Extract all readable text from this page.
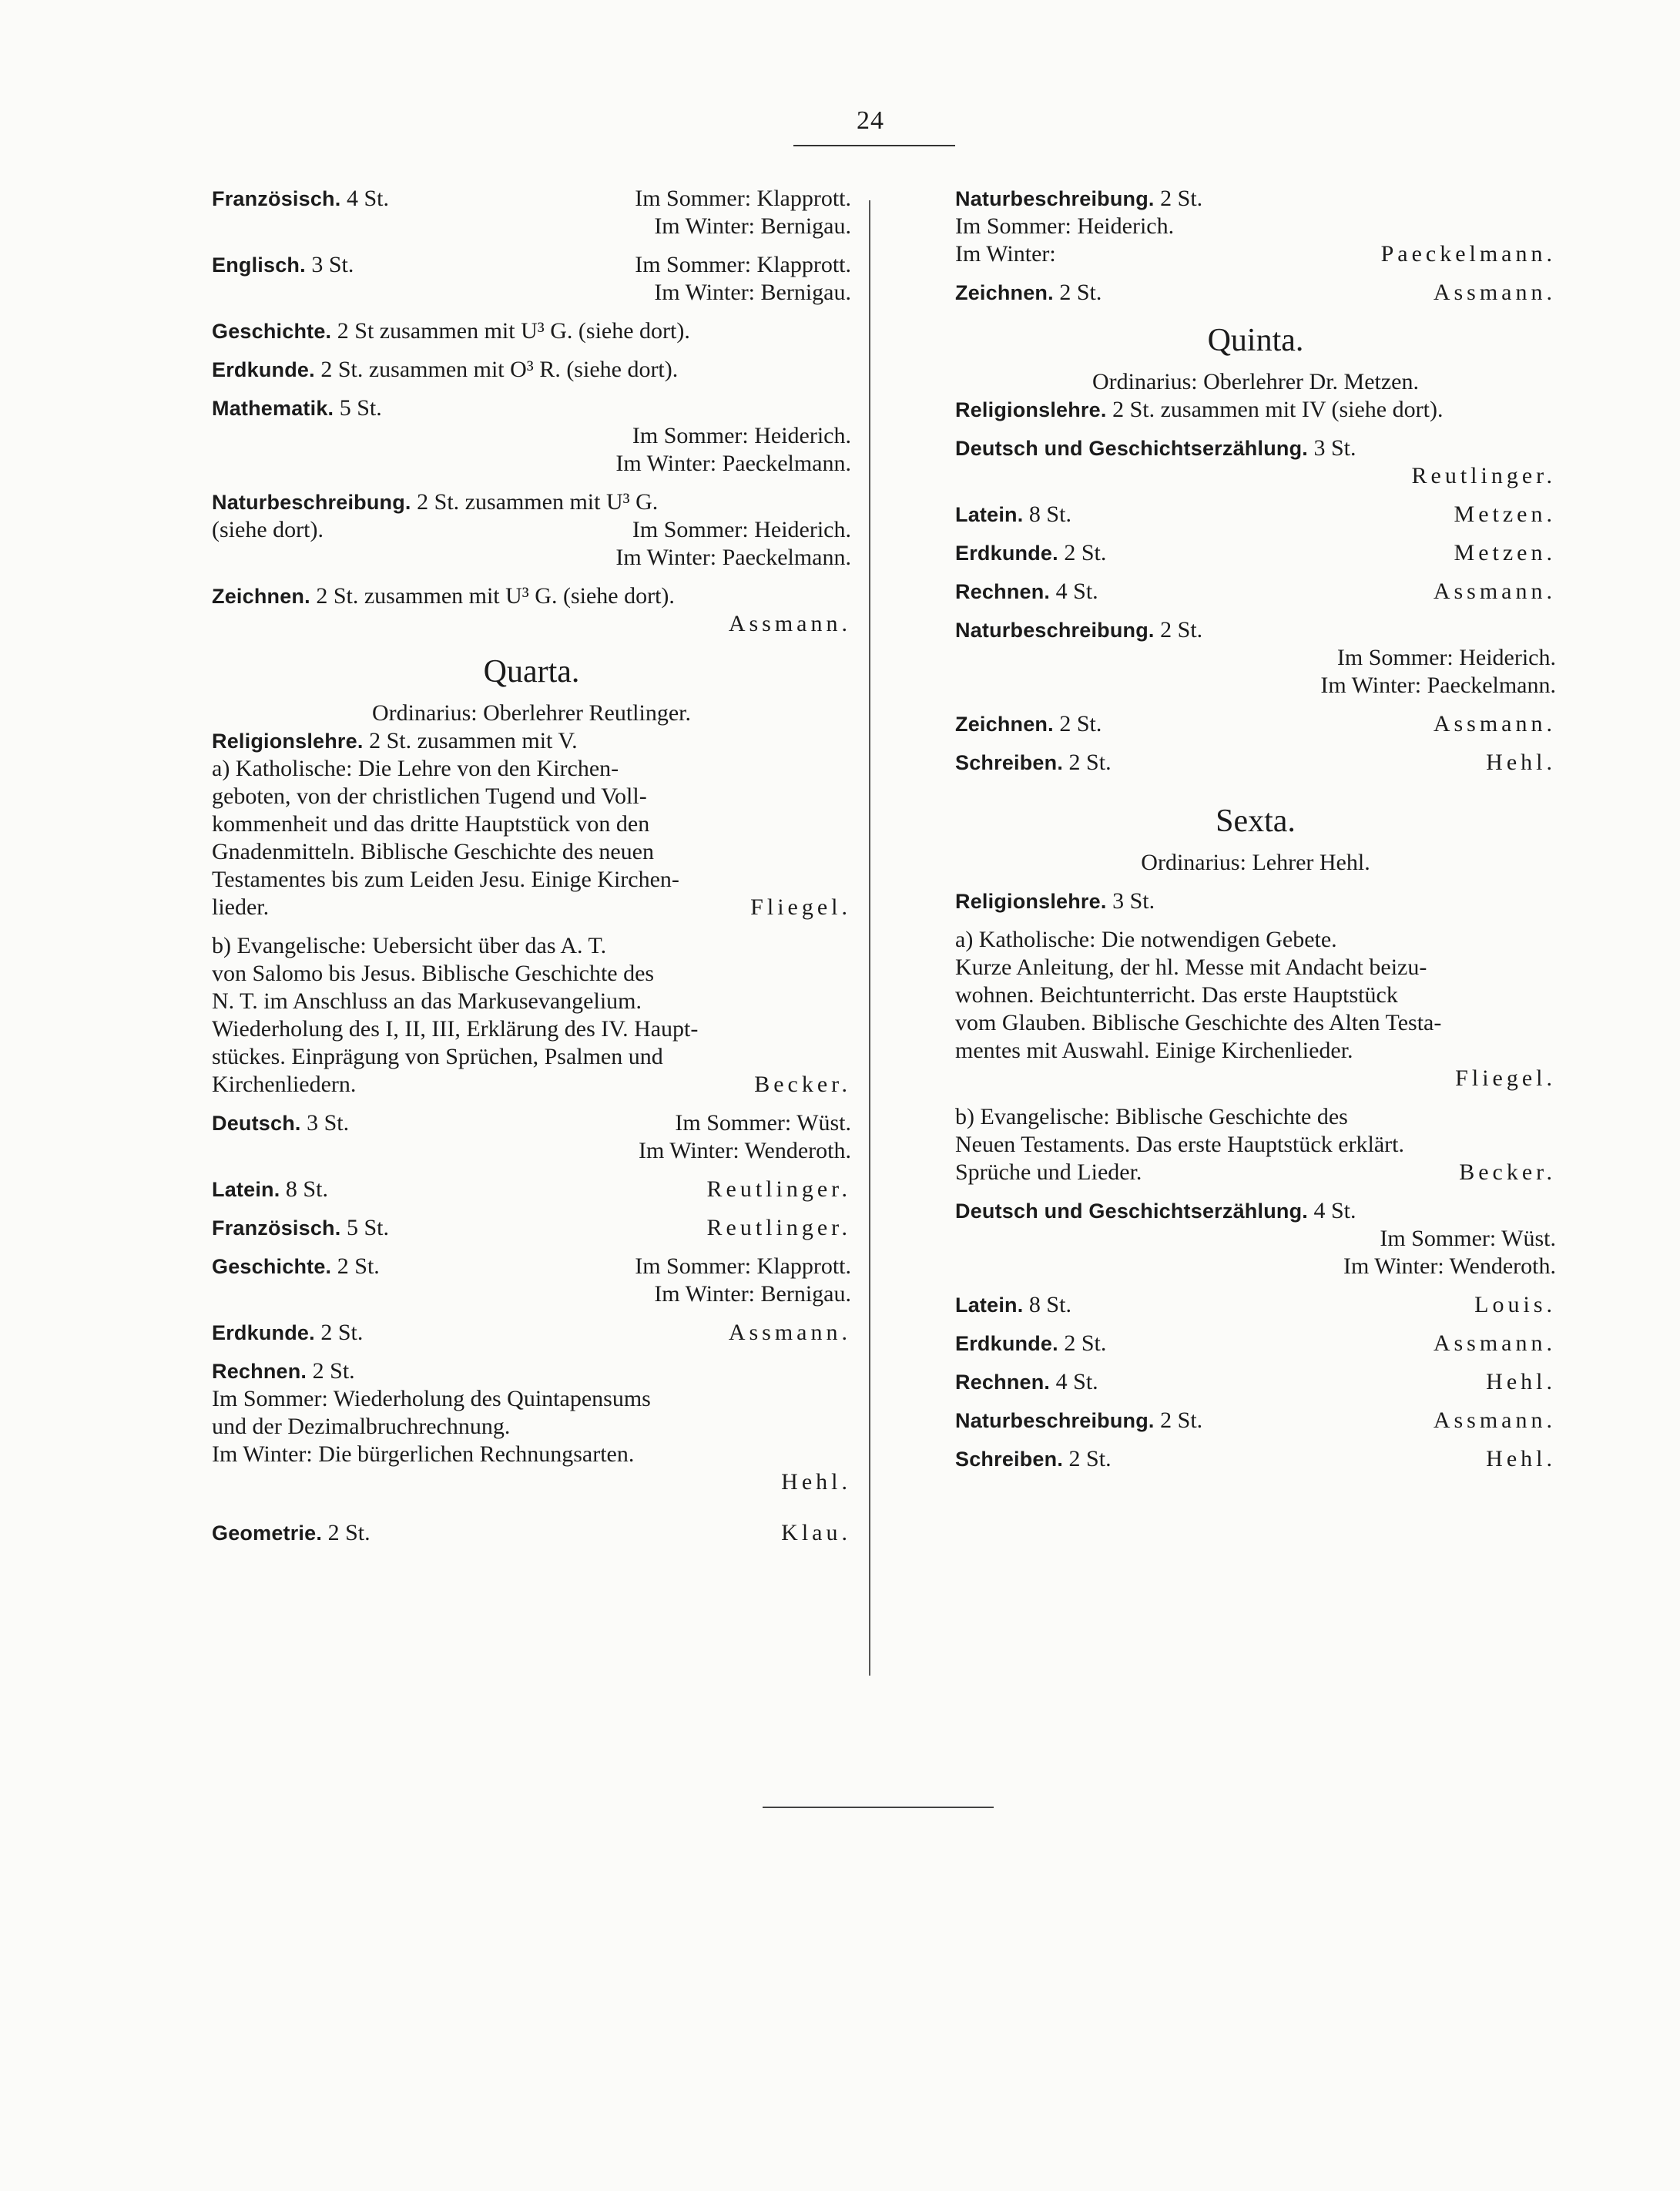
24
Französisch. 4 St.	Im Sommer: Klapprott.
Im Winter: Bernigau.
Englisch. 3 St.	Im Sommer: Klapprott.
Im Winter: Bernigau.
Geschichte. 2 St zusammen mit U³ G. (siehe dort).
Erdkunde. 2 St. zusammen mit O³ R. (siehe dort).
Mathematik. 5 St.
Im Sommer: Heiderich.
Im Winter: Paeckelmann.
Naturbeschreibung. 2 St. zusammen mit U³ G.
(siehe dort).	Im Sommer: Heiderich.
Im Winter: Paeckelmann.
Zeichnen. 2 St. zusammen mit U³ G. (siehe dort).
Assmann.
Quarta.
Ordinarius: Oberlehrer Reutlinger.
Religionslehre. 2 St. zusammen mit V.
a) Katholische: Die Lehre von den Kirchen-
geboten, von der christlichen Tugend und Voll-
kommenheit und das dritte Hauptstück von den
Gnadenmitteln. Biblische Geschichte des neuen
Testamentes bis zum Leiden Jesu. Einige Kirchen-
lieder.	Fliegel.
b) Evangelische: Uebersicht über das A. T.
von Salomo bis Jesus. Biblische Geschichte des
N. T. im Anschluss an das Markusevangelium.
Wiederholung des I, II, III, Erklärung des IV. Haupt-
stückes. Einprägung von Sprüchen, Psalmen und
Kirchenliedern.	Becker.
Deutsch. 3 St.	Im Sommer: Wüst.
Im Winter: Wenderoth.
Latein. 8 St.	Reutlinger.
Französisch. 5 St.	Reutlinger.
Geschichte. 2 St.	Im Sommer: Klapprott.
Im Winter: Bernigau.
Erdkunde. 2 St.	Assmann.
Rechnen. 2 St.
Im Sommer: Wiederholung des Quintapensums
und der Dezimalbruchrechnung.
Im Winter: Die bürgerlichen Rechnungsarten.
Hehl.
Geometrie. 2 St.	Klau.
Naturbeschreibung. 2 St.
Im Sommer: Heiderich.
Im Winter:	Paeckelmann.
Zeichnen. 2 St.	Assmann.
Quinta.
Ordinarius: Oberlehrer Dr. Metzen.
Religionslehre. 2 St. zusammen mit IV (siehe dort).
Deutsch und Geschichtserzählung. 3 St.
Reutlinger.
Latein. 8 St.	Metzen.
Erdkunde. 2 St.	Metzen.
Rechnen. 4 St.	Assmann.
Naturbeschreibung. 2 St.
Im Sommer: Heiderich.
Im Winter: Paeckelmann.
Zeichnen. 2 St.	Assmann.
Schreiben. 2 St.	Hehl.
Sexta.
Ordinarius: Lehrer Hehl.
Religionslehre. 3 St.
a) Katholische: Die notwendigen Gebete.
Kurze Anleitung, der hl. Messe mit Andacht beizu-
wohnen. Beichtunterricht. Das erste Hauptstück
vom Glauben. Biblische Geschichte des Alten Testa-
mentes mit Auswahl. Einige Kirchenlieder.
Fliegel.
b) Evangelische: Biblische Geschichte des
Neuen Testaments. Das erste Hauptstück erklärt.
Sprüche und Lieder.	Becker.
Deutsch und Geschichtserzählung. 4 St.
Im Sommer: Wüst.
Im Winter: Wenderoth.
Latein. 8 St.	Louis.
Erdkunde. 2 St.	Assmann.
Rechnen. 4 St.	Hehl.
Naturbeschreibung. 2 St.	Assmann.
Schreiben. 2 St.	Hehl.
